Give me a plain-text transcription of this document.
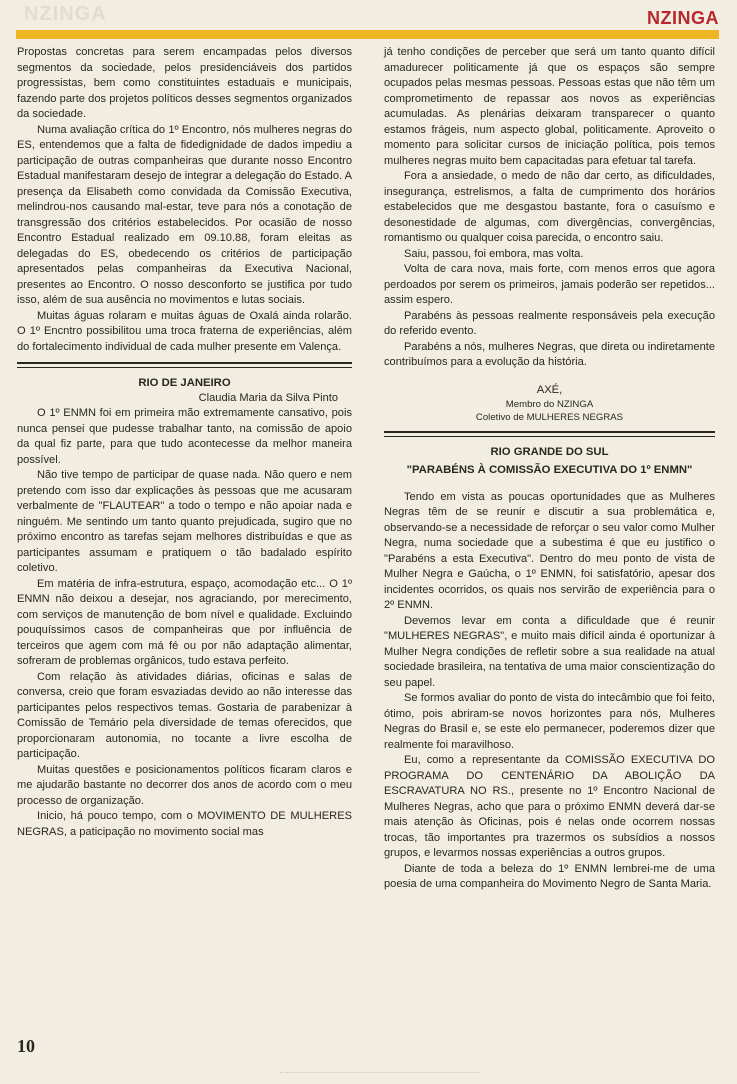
NZINGA	NZINGA

Propostas concretas para serem encampadas pelos diversos segmentos da sociedade, pelos presidenciáveis dos partidos progressistas, bem como constituintes estaduais e municipais, fazendo parte dos projetos políticos desses segmentos organizados da sociedade.

Numa avaliação crítica do 1º Encontro, nós mulheres negras do ES, entendemos que a falta de fidedignidade de dados impediu a participação de outras companheiras que durante nosso Encontro Estadual manifestaram desejo de integrar a delegação do Estado. A presença da Elisabeth como convidada da Comissão Executiva, melindrou-nos causando mal-estar, teve para nós a conotação de transgressão dos critérios estabelecidos. Por ocasião de nosso Encontro Estadual realizado em 09.10.88, foram eleitas as delegadas do ES, obedecendo os critérios de participação apresentados pelas companheiras da Executiva Nacional, presentes ao Encontro. O nosso desconforto se justifica por tudo isso, além de sua ausência no movimentos e lutas sociais.

Muitas águas rolaram e muitas águas de Oxalá ainda rolarão. O 1º Encntro possibilitou uma troca fraterna de experiências, além do fortalecimento individual de cada mulher presente em Valença.

RIO DE JANEIRO
Claudia Maria da Silva Pinto

O 1º ENMN foi em primeira mão extremamente cansativo, pois nunca pensei que pudesse trabalhar tanto, na comissão de apoio da qual fiz parte, para que tudo acontecesse da melhor maneira possível.

Não tive tempo de participar de quase nada. Não quero e nem pretendo com isso dar explicações às pessoas que me acusaram verbalmente de "FLAUTEAR" a todo o tempo e não apoiar nada e ninguém. Me sentindo um tanto quanto prejudicada, sugiro que no próximo encontro as tarefas sejam melhores distribuídas e que as participantes assumam e pratiquem o tão badalado espírito coletivo.

Em matéria de infra-estrutura, espaço, acomodação etc... O 1º ENMN não deixou a desejar, nos agraciando, por merecimento, com serviços de manutenção de bom nível e qualidade. Excluindo pouquíssimos casos de companheiras que por influência de terceiros que agem com má fé ou por não adaptação alimentar, sofreram de problemas orgânicos, tudo estava perfeito.

Com relação às atividades diárias, oficinas e salas de conversa, creio que foram esvaziadas devido ao não interesse das participantes pelos respectivos temas. Gostaria de parabenizar à Comissão de Temário pela diversidade de temas oferecidos, que proporcionaram autonomia, no tocante a livre escolha de participação.

Muitas questões e posicionamentos políticos ficaram claros e me ajudarão bastante no decorrer dos anos de acordo com o meu processo de organização.

Inicio, há pouco tempo, com o MOVIMENTO DE MULHERES NEGRAS, a paticipação no movimento social mas

já tenho condições de perceber que será um tanto quanto difícil amadurecer politicamente já que os espaços são sempre ocupados pelas mesmas pessoas. Pessoas estas que não têm um comprometimento de repassar aos novos as experiências acumuladas. As plenárias deixaram transparecer o quanto estamos frágeis, num aspecto global, politicamente. Aproveito o momento para solicitar cursos de iniciação política, pois temos mulheres negras muito bem capacitadas para efetuar tal tarefa.

Fora a ansiedade, o medo de não dar certo, as dificuldades, insegurança, estrelismos, a falta de cumprimento dos horários estabelecidos que me desgastou bastante, fora o casuísmo e desonestidade de algumas, com divergências, convergências, romantismo ou qualquer coisa parecida, o encontro saiu.

Saiu, passou, foi embora, mas volta.

Volta de cara nova, mais forte, com menos erros que agora perdoados por serem os primeiros, jamais poderão ser repetidos... assim espero.

Parabéns às pessoas realmente responsáveis pela execução do referido evento.

Parabéns a nós, mulheres Negras, que direta ou indiretamente contribuímos para a evolução da história.

AXÉ,
Membro do NZINGA
Coletivo de MULHERES NEGRAS
RIO GRANDE DO SUL
"PARABÉNS À COMISSÃO EXECUTIVA DO 1º ENMN"

Tendo em vista as poucas oportunidades que as Mulheres Negras têm de se reunir e discutir a sua problemática e, observando-se a necessidade de reforçar o seu valor como Mulher Negra, numa sociedade que a subestima é que eu justifico o "Parabéns a esta Executiva". Dentro do meu ponto de vista de Mulher Negra e Gaúcha, o 1º ENMN, foi satisfatório, apesar dos incidentes ocorridos, os quais nos servirão de experiência para o 2º ENMN.

Devemos levar em conta a dificuldade que é reunir "MULHERES NEGRAS", e muito mais difícil ainda é oportunizar à Mulher Negra condições de refletir sobre a sua realidade na atual sociedade brasileira, na tentativa de uma maior conscientização do seu papel.

Se formos avaliar do ponto de vista do intecâmbio que foi feito, ótimo, pois abriram-se novos horizontes para nós, Mulheres Negras do Brasil e, se este elo permanecer, poderemos dizer que realmente foi maravilhoso.

Eu, como a representante da COMISSÃO EXECUTIVA DO PROGRAMA DO CENTENÁRIO DA ABOLIÇÃO DA ESCRAVATURA NO RS., presente no 1º Encontro Nacional de Mulheres Negras, acho que para o próximo ENMN deverá dar-se mais atenção às Oficinas, pois é nelas onde ocorrem nossas trocas, tão importantes pra trazermos os subsídios a nossos grupos, e levarmos nossas experiências a outros grupos.

Diante de toda a beleza do 1º ENMN lembrei-me de uma poesia de uma companheira do Movimento Negro de Santa Maria.

10
